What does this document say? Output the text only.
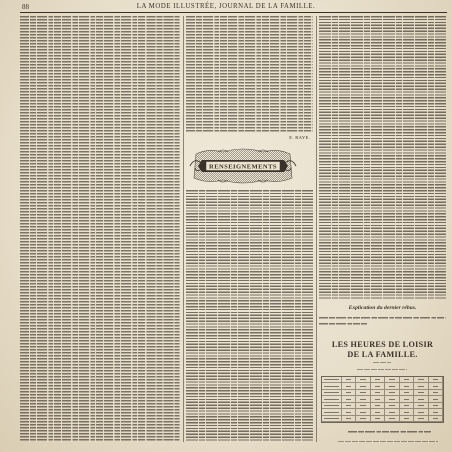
88	LA MODE ILLUSTRÉE, JOURNAL DE LA FAMILLE.
E. RAYE.
RENSEIGNEMENTS
Explication du dernier rébus.
LES HEURES DE LOISIR
DE LA FAMILLE.
